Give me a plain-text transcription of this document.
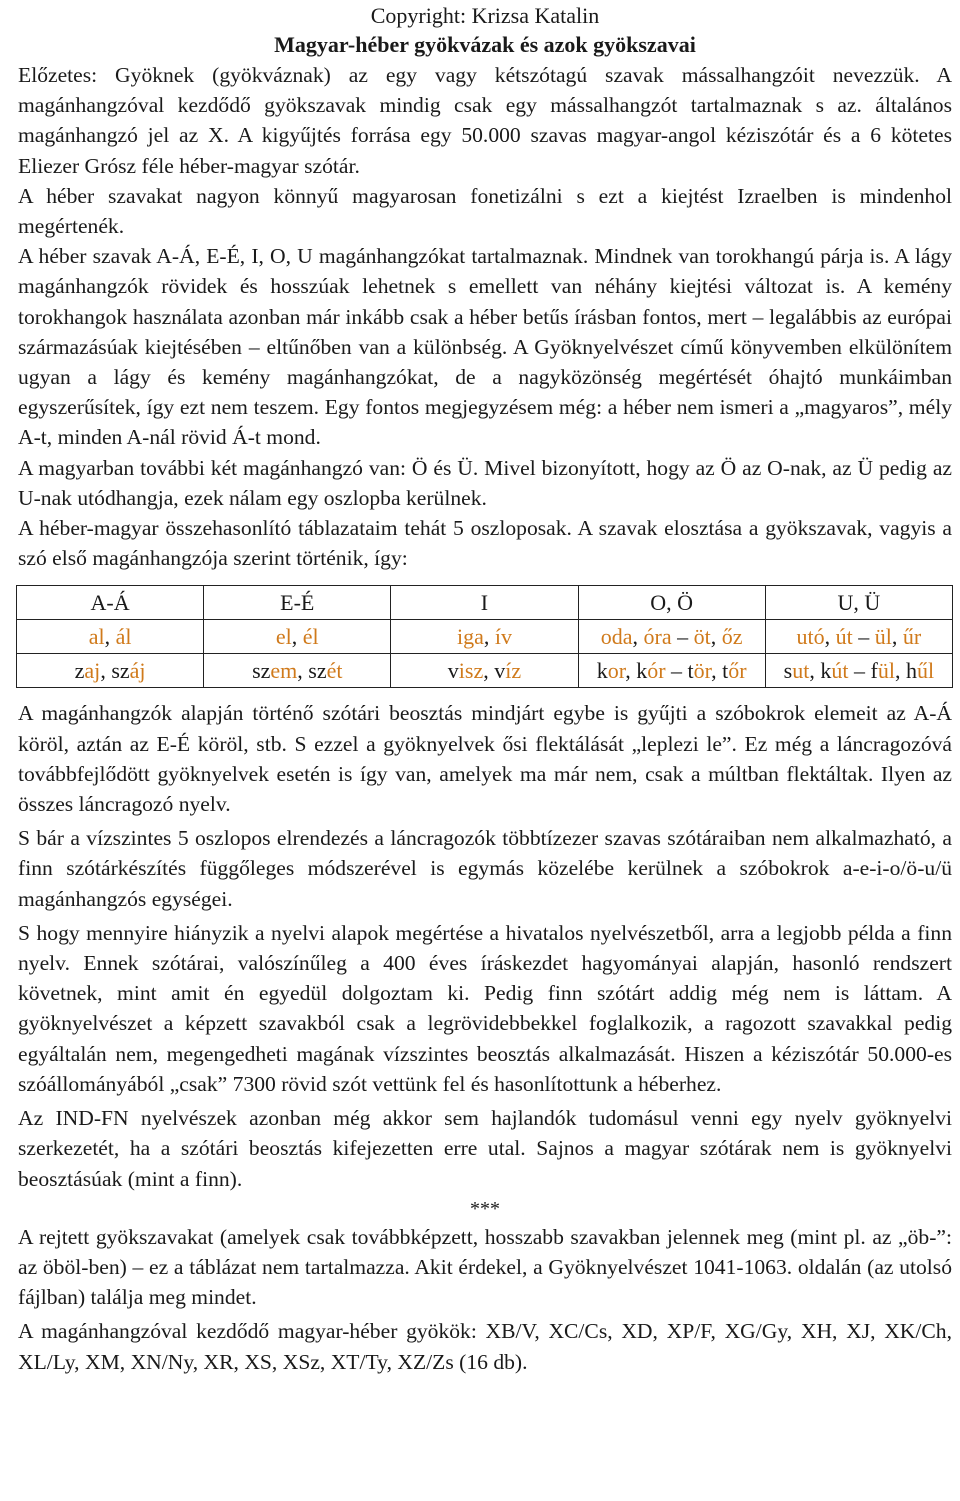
Copyright: Krizsa Katalin
Magyar-héber gyökvázak és azok gyökszavai

Előzetes: Gyöknek (gyökváznak) az egy vagy kétszótagú szavak mássalhangzóit nevezzük. A magánhangzóval kezdődő gyökszavak mindig csak egy mássalhangzót tartalmaznak s az. általános magánhangzó jel az X. A kigyűjtés forrása egy 50.000 szavas magyar-angol kéziszótár és a 6 kötetes Eliezer Grósz féle héber-magyar szótár.

A héber szavakat nagyon könnyű magyarosan fonetizálni s ezt a kiejtést Izraelben is mindenhol megértenék.

A héber szavak A-Á, E-É, I, O, U magánhangzókat tartalmaznak. Mindnek van torokhangú párja is. A lágy magánhangzók rövidek és hosszúak lehetnek s emellett van néhány kiejtési változat is. A kemény torokhangok használata azonban már inkább csak a héber betűs írásban fontos, mert – legalábbis az európai származásúak kiejtésében – eltűnőben van a különbség. A Gyöknyelvészet című könyvemben elkülönítem ugyan a lágy és kemény magánhangzókat, de a nagyközönség megértését óhajtó munkáimban egyszerűsítek, így ezt nem teszem. Egy fontos megjegyzésem még: a héber nem ismeri a „magyaros”, mély A-t, minden A-nál rövid Á-t mond.

A magyarban további két magánhangzó van: Ö és Ü. Mivel bizonyított, hogy az Ö az O-nak, az Ü pedig az U-nak utódhangja, ezek nálam egy oszlopba kerülnek.

A héber-magyar összehasonlító táblazataim tehát 5 oszloposak. A szavak elosztása a gyökszavak, vagyis a szó első magánhangzója szerint történik, így:

A-Á	E-É	I	O, Ö	U, Ü
al, ál	el, él	iga, ív	oda, óra – öt, őz	utó, út – ül, űr
zaj, száj	szem, szét	visz, víz	kor, kór – tör, tőr	sut, kút – fül, hűl

A magánhangzók alapján történő szótári beosztás mindjárt egybe is gyűjti a szóbokrok elemeit az A-Á köröl, aztán az E-É köröl, stb. S ezzel a gyöknyelvek ősi flektálását „leplezi le”. Ez még a láncragozóvá továbbfejlődött gyöknyelvek esetén is így van, amelyek ma már nem, csak a múltban flektáltak. Ilyen az összes láncragozó nyelv.

S bár a vízszintes 5 oszlopos elrendezés a láncragozók többtízezer szavas szótáraiban nem alkalmazható, a finn szótárkészítés függőleges módszerével is egymás közelébe kerülnek a szóbokrok a-e-i-o/ö-u/ü magánhangzós egységei.

S hogy mennyire hiányzik a nyelvi alapok megértése a hivatalos nyelvészetből, arra a legjobb példa a finn nyelv. Ennek szótárai, valószínűleg a 400 éves íráskezdet hagyományai alapján, hasonló rendszert követnek, mint amit én egyedül dolgoztam ki. Pedig finn szótárt addig még nem is láttam. A gyöknyelvészet a képzett szavakból csak a legrövidebbekkel foglalkozik, a ragozott szavakkal pedig egyáltalán nem, megengedheti magának vízszintes beosztás alkalmazását. Hiszen a kéziszótár 50.000-es szóállományából „csak” 7300 rövid szót vettünk fel és hasonlítottunk a héberhez.

Az IND-FN nyelvészek azonban még akkor sem hajlandók tudomásul venni egy nyelv gyöknyelvi szerkezetét, ha a szótári beosztás kifejezetten erre utal. Sajnos a magyar szótárak nem is gyöknyelvi beosztásúak (mint a finn).

***

A rejtett gyökszavakat (amelyek csak továbbképzett, hosszabb szavakban jelennek meg (mint pl. az „öb-”: az öböl-ben) – ez a táblázat nem tartalmazza. Akit érdekel, a Gyöknyelvészet 1041-1063. oldalán (az utolsó fájlban) találja meg mindet.

A magánhangzóval kezdődő magyar-héber gyökök: XB/V, XC/Cs, XD, XP/F, XG/Gy, XH, XJ, XK/Ch, XL/Ly, XM, XN/Ny, XR, XS, XSz, XT/Ty, XZ/Zs (16 db).
